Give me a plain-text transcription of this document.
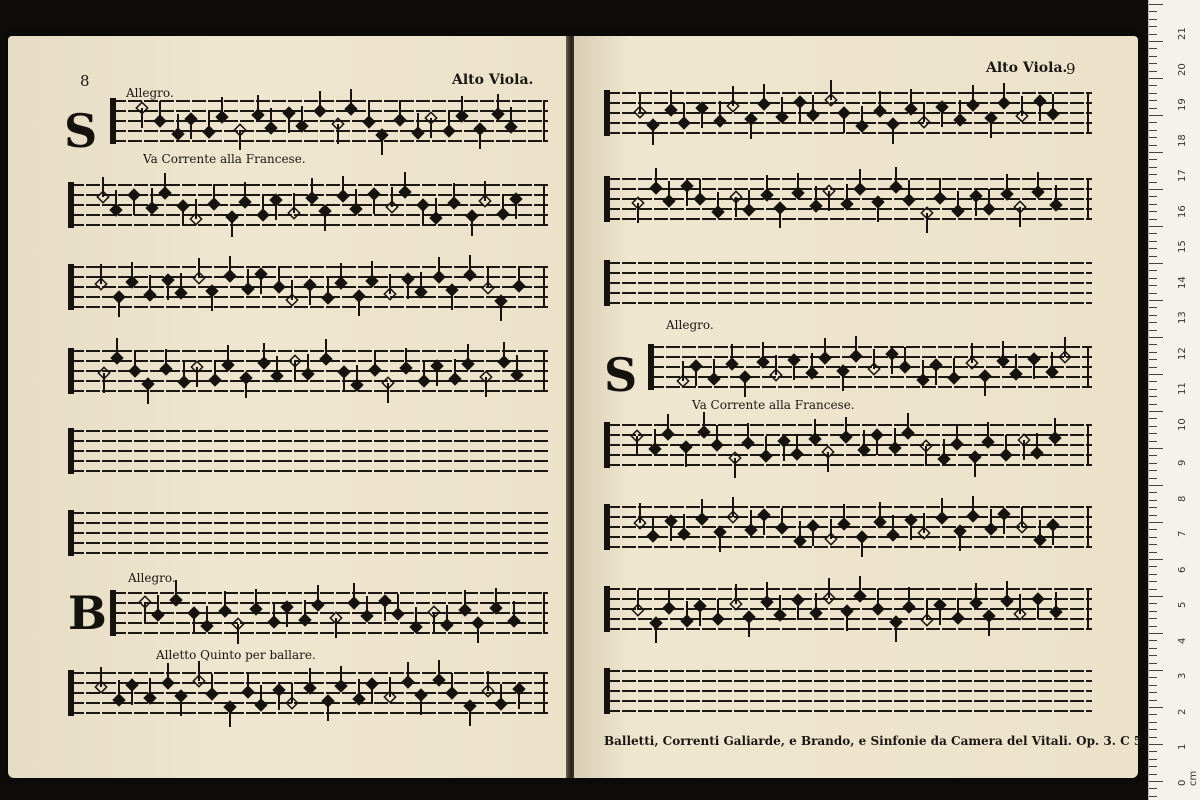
8	Alto Viola.
S
Allegro.
Va Corrente alla Francese.
B
Allegro.
Alletto Quinto per ballare.
Alto Viola.
9
S
Allegro.
Va Corrente alla Francese.
Balletti, Correnti Galiarde, e Brando, e Sinfonie da Camera del Vitali. Op. 3. C 5
21
20
19
18
17
16
15
14
13
12
11
10
9
8
7
6
5
4
3
2
1
0 cm
